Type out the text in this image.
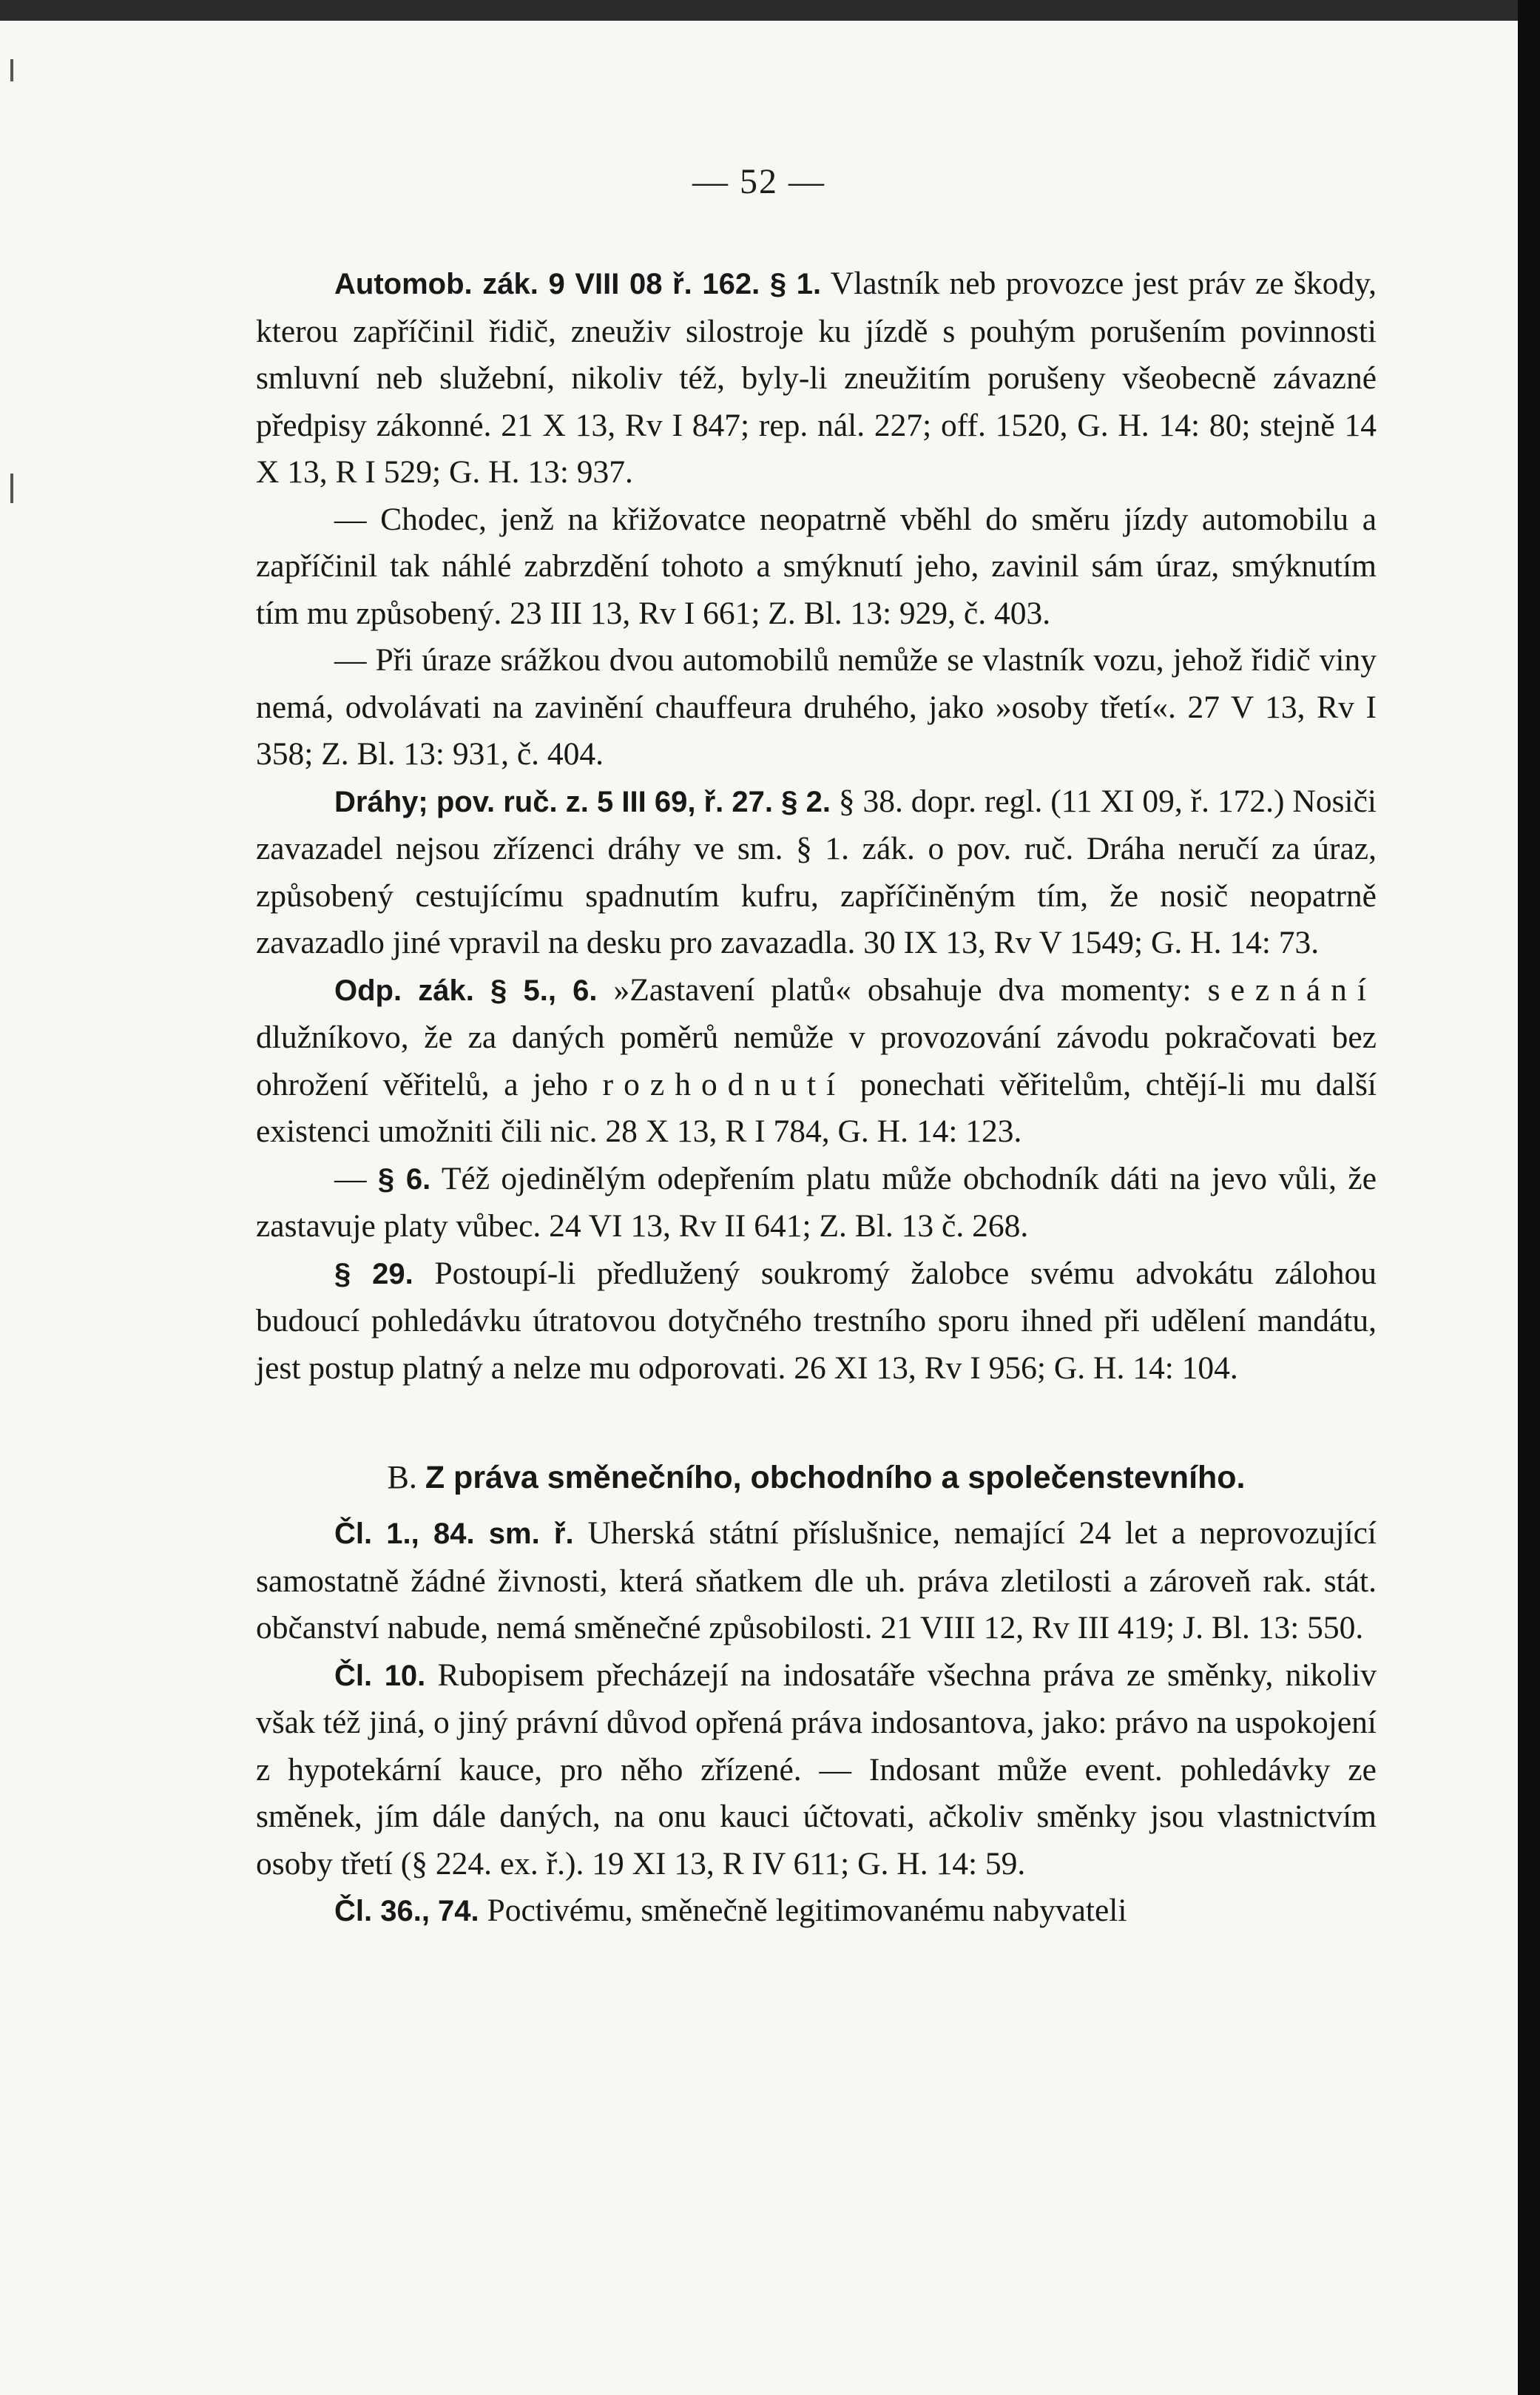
— 52 —

Automob. zák. 9 VIII 08 ř. 162. § 1. Vlastník neb provozce jest práv ze škody, kterou zapříčinil řidič, zneuživ silostroje ku jízdě s pouhým porušením povinnosti smluvní neb služební, nikoliv též, byly-li zneužitím porušeny všeobecně závazné předpisy zákonné. 21 X 13, Rv I 847; rep. nál. 227; off. 1520, G. H. 14: 80; stejně 14 X 13, R I 529; G. H. 13: 937.

— Chodec, jenž na křižovatce neopatrně vběhl do směru jízdy automobilu a zapříčinil tak náhlé zabrzdění tohoto a smýknutí jeho, zavinil sám úraz, smýknutím tím mu způsobený. 23 III 13, Rv I 661; Z. Bl. 13: 929, č. 403.

— Při úraze srážkou dvou automobilů nemůže se vlastník vozu, jehož řidič viny nemá, odvolávati na zavinění chauffeura druhého, jako »osoby třetí«. 27 V 13, Rv I 358; Z. Bl. 13: 931, č. 404.

Dráhy; pov. ruč. z. 5 III 69, ř. 27. § 2. § 38. dopr. regl. (11 XI 09, ř. 172.) Nosiči zavazadel nejsou zřízenci dráhy ve sm. § 1. zák. o pov. ruč. Dráha neručí za úraz, způsobený cestujícímu spadnutím kufru, zapříčiněným tím, že nosič neopatrně zavazadlo jiné vpravil na desku pro zavazadla. 30 IX 13, Rv V 1549; G. H. 14: 73.

Odp. zák. § 5., 6. »Zastavení platů« obsahuje dva momenty: seznání dlužníkovo, že za daných poměrů nemůže v provozování závodu pokračovati bez ohrožení věřitelů, a jeho rozhodnutí ponechati věřitelům, chtějí-li mu další existenci umožniti čili nic. 28 X 13, R I 784, G. H. 14: 123.

— § 6. Též ojedinělým odepřením platu může obchodník dáti na jevo vůli, že zastavuje platy vůbec. 24 VI 13, Rv II 641; Z. Bl. 13 č. 268.

§ 29. Postoupí-li předlužený soukromý žalobce svému advokátu zálohou budoucí pohledávku útratovou dotyčného trestního sporu ihned při udělení mandátu, jest postup platný a nelze mu odporovati. 26 XI 13, Rv I 956; G. H. 14: 104.

B. Z práva směnečního, obchodního a společenstevního.

Čl. 1., 84. sm. ř. Uherská státní příslušnice, nemající 24 let a neprovozující samostatně žádné živnosti, která sňatkem dle uh. práva zletilosti a zároveň rak. stát. občanství nabude, nemá směnečné způsobilosti. 21 VIII 12, Rv III 419; J. Bl. 13: 550.

Čl. 10. Rubopisem přecházejí na indosatáře všechna práva ze směnky, nikoliv však též jiná, o jiný právní důvod opřená práva indosantova, jako: právo na uspokojení z hypotekární kauce, pro něho zřízené. — Indosant může event. pohledávky ze směnek, jím dále daných, na onu kauci účtovati, ačkoliv směnky jsou vlastnictvím osoby třetí (§ 224. ex. ř.). 19 XI 13, R IV 611; G. H. 14: 59.

Čl. 36., 74. Poctivému, směnečně legitimovanému nabyvateli
